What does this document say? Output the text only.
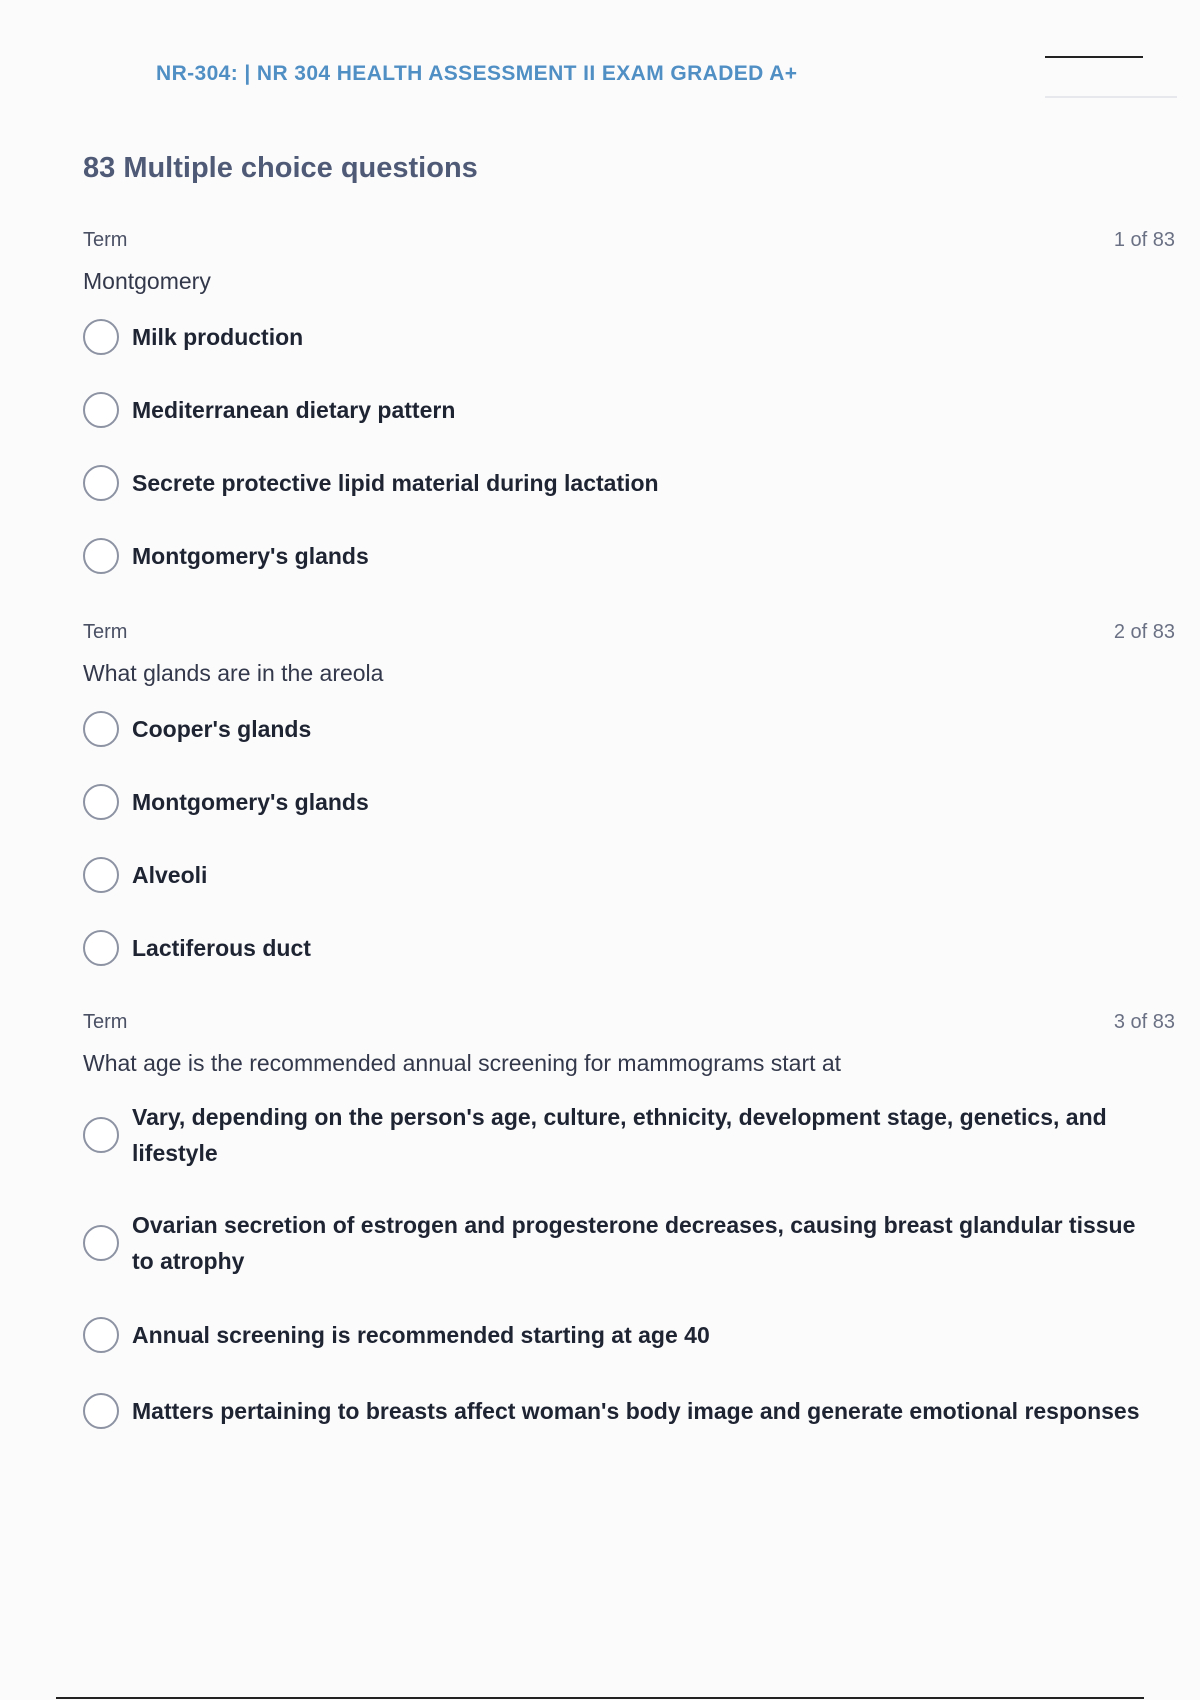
NR-304: | NR 304 HEALTH ASSESSMENT II EXAM GRADED A+
83 Multiple choice questions
Term	1 of 83
Montgomery
Milk production
Mediterranean dietary pattern
Secrete protective lipid material during lactation
Montgomery's glands
Term	2 of 83
What glands are in the areola
Cooper's glands
Montgomery's glands
Alveoli
Lactiferous duct
Term	3 of 83
What age is the recommended annual screening for mammograms start at
Vary, depending on the person's age, culture, ethnicity, development stage, genetics, and lifestyle
Ovarian secretion of estrogen and progesterone decreases, causing breast glandular tissue to atrophy
Annual screening is recommended starting at age 40
Matters pertaining to breasts affect woman's body image and generate emotional responses
